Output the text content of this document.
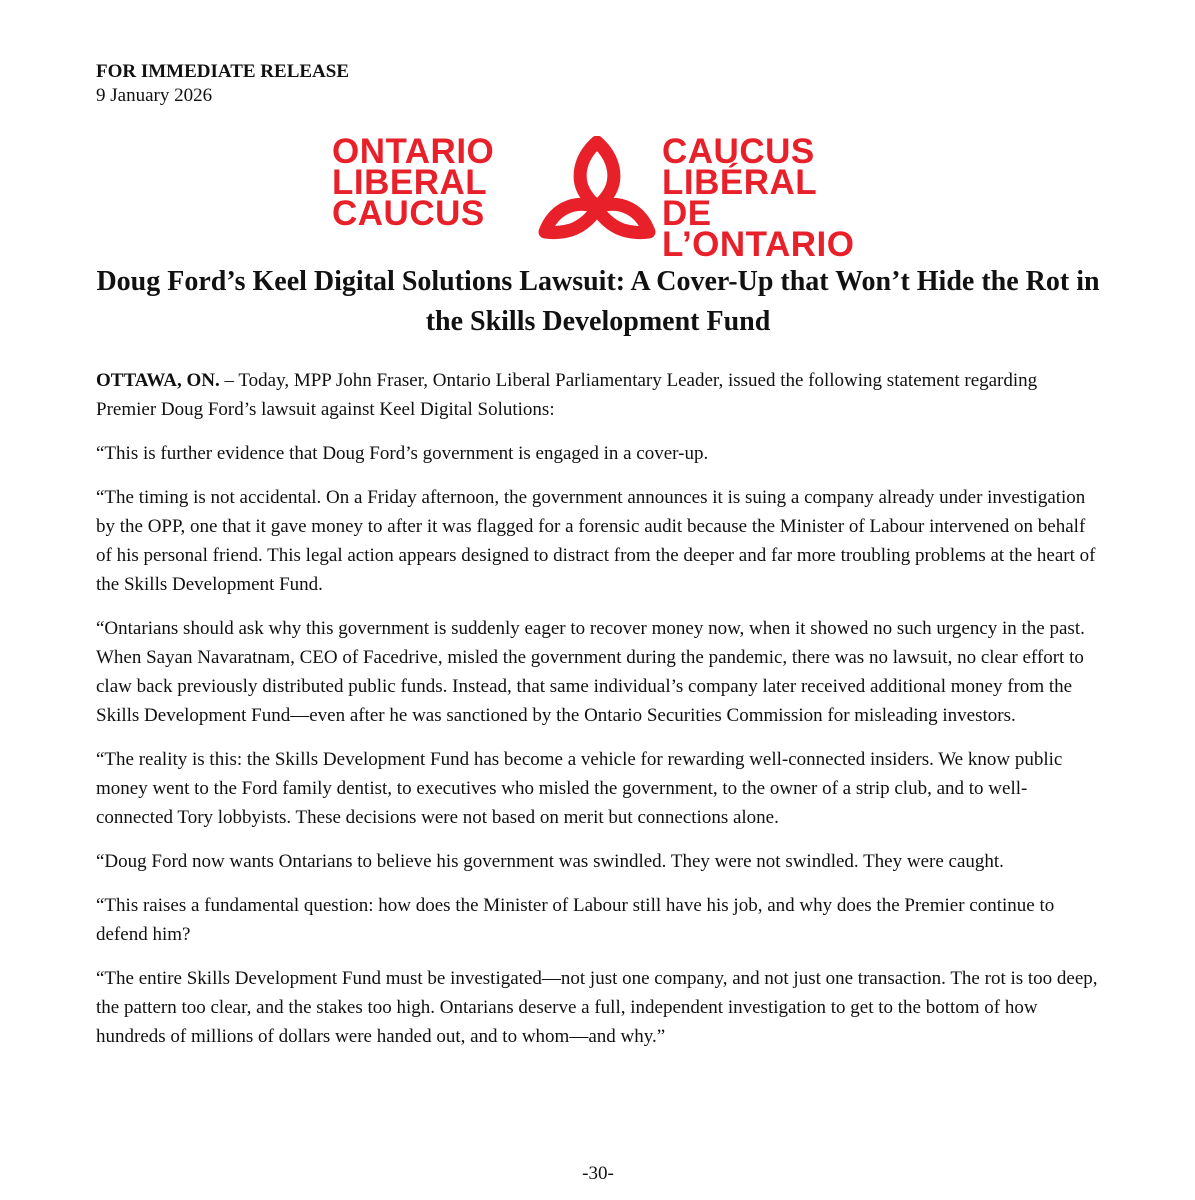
FOR IMMEDIATE RELEASE
9 January 2026
ONTARIO
LIBERAL
CAUCUS
CAUCUS
LIBÉRAL
DE L’ONTARIO
Doug Ford’s Keel Digital Solutions Lawsuit: A Cover-Up that Won’t Hide the Rot in the Skills Development Fund

OTTAWA, ON. – Today, MPP John Fraser, Ontario Liberal Parliamentary Leader, issued the following statement regarding Premier Doug Ford’s lawsuit against Keel Digital Solutions:

“This is further evidence that Doug Ford’s government is engaged in a cover-up.

“The timing is not accidental. On a Friday afternoon, the government announces it is suing a company already under investigation by the OPP, one that it gave money to after it was flagged for a forensic audit because the Minister of Labour intervened on behalf of his personal friend. This legal action appears designed to distract from the deeper and far more troubling problems at the heart of the Skills Development Fund.

“Ontarians should ask why this government is suddenly eager to recover money now, when it showed no such urgency in the past. When Sayan Navaratnam, CEO of Facedrive, misled the government during the pandemic, there was no lawsuit, no clear effort to claw back previously distributed public funds. Instead, that same individual’s company later received additional money from the Skills Development Fund—even after he was sanctioned by the Ontario Securities Commission for misleading investors.

“The reality is this: the Skills Development Fund has become a vehicle for rewarding well-connected insiders. We know public money went to the Ford family dentist, to executives who misled the government, to the owner of a strip club, and to well-connected Tory lobbyists. These decisions were not based on merit but connections alone.

“Doug Ford now wants Ontarians to believe his government was swindled. They were not swindled. They were caught.

“This raises a fundamental question: how does the Minister of Labour still have his job, and why does the Premier continue to defend him?

“The entire Skills Development Fund must be investigated—not just one company, and not just one transaction. The rot is too deep, the pattern too clear, and the stakes too high. Ontarians deserve a full, independent investigation to get to the bottom of how hundreds of millions of dollars were handed out, and to whom—and why.”

-30-
